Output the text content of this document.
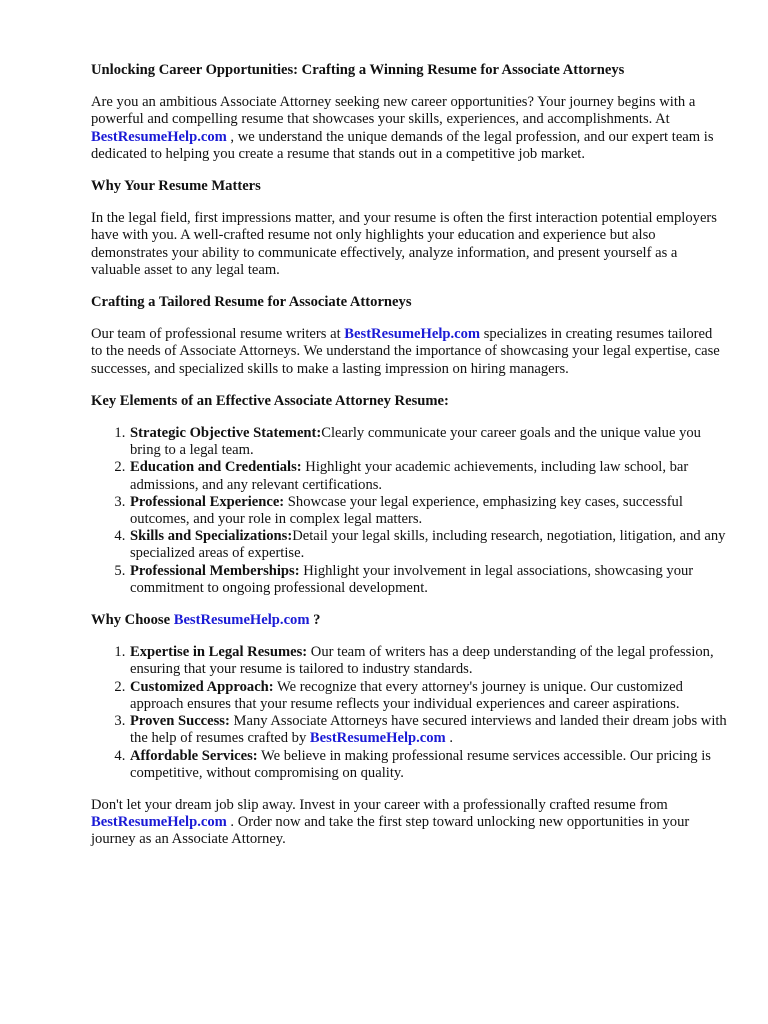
Unlocking Career Opportunities: Crafting a Winning Resume for Associate Attorneys

Are you an ambitious Associate Attorney seeking new career opportunities? Your journey begins with a powerful and compelling resume that showcases your skills, experiences, and accomplishments. At BestResumeHelp.com , we understand the unique demands of the legal profession, and our expert team is dedicated to helping you create a resume that stands out in a competitive job market.

Why Your Resume Matters

In the legal field, first impressions matter, and your resume is often the first interaction potential employers have with you. A well-crafted resume not only highlights your education and experience but also demonstrates your ability to communicate effectively, analyze information, and present yourself as a valuable asset to any legal team.

Crafting a Tailored Resume for Associate Attorneys

Our team of professional resume writers at BestResumeHelp.com specializes in creating resumes tailored to the needs of Associate Attorneys. We understand the importance of showcasing your legal expertise, case successes, and specialized skills to make a lasting impression on hiring managers.

Key Elements of an Effective Associate Attorney Resume:
1. Strategic Objective Statement:Clearly communicate your career goals and the unique value you bring to a legal team.
2. Education and Credentials: Highlight your academic achievements, including law school, bar admissions, and any relevant certifications.
3. Professional Experience: Showcase your legal experience, emphasizing key cases, successful outcomes, and your role in complex legal matters.
4. Skills and Specializations:Detail your legal skills, including research, negotiation, litigation, and any specialized areas of expertise.
5. Professional Memberships: Highlight your involvement in legal associations, showcasing your commitment to ongoing professional development.
Why Choose BestResumeHelp.com ?
1. Expertise in Legal Resumes: Our team of writers has a deep understanding of the legal profession, ensuring that your resume is tailored to industry standards.
2. Customized Approach: We recognize that every attorney's journey is unique. Our customized approach ensures that your resume reflects your individual experiences and career aspirations.
3. Proven Success: Many Associate Attorneys have secured interviews and landed their dream jobs with the help of resumes crafted by BestResumeHelp.com .
4. Affordable Services: We believe in making professional resume services accessible. Our pricing is competitive, without compromising on quality.

Don't let your dream job slip away. Invest in your career with a professionally crafted resume from BestResumeHelp.com . Order now and take the first step toward unlocking new opportunities in your journey as an Associate Attorney.
